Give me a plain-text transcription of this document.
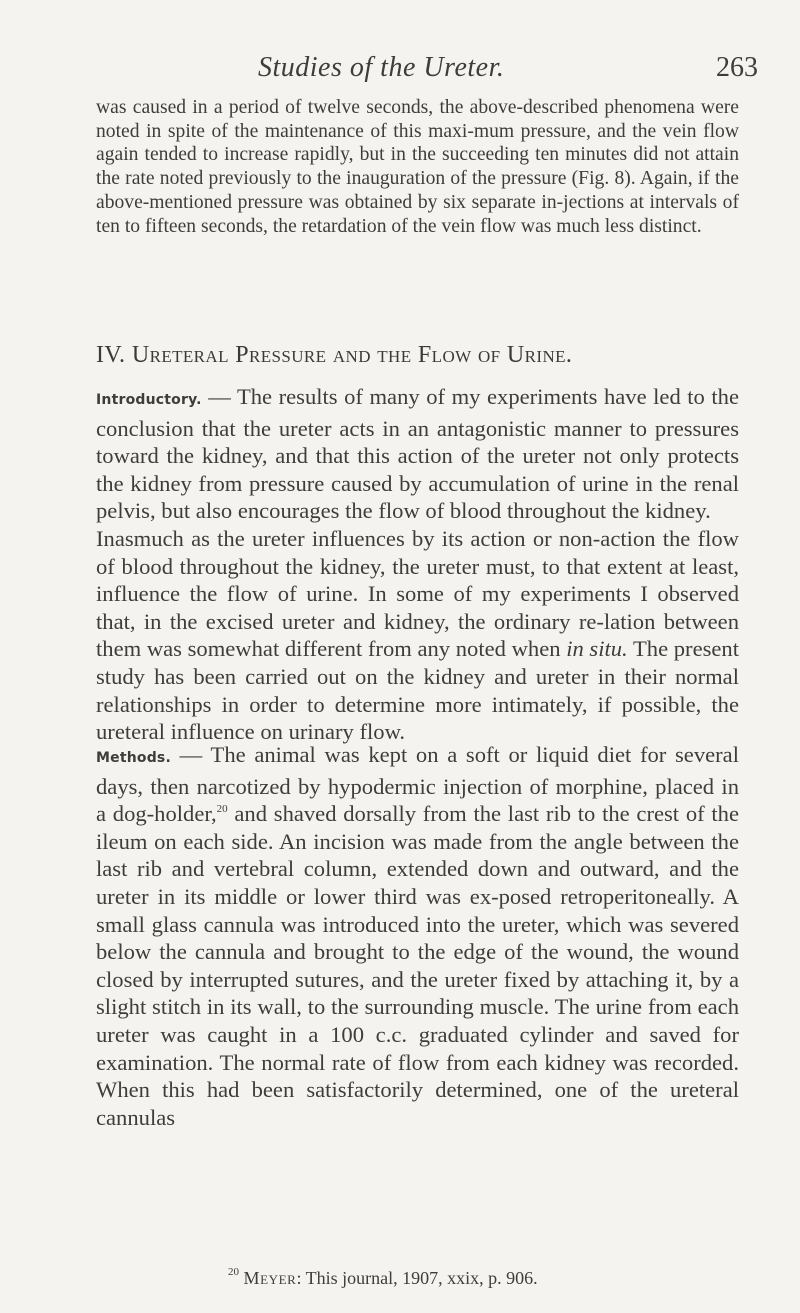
Studies of the Ureter.	263

was caused in a period of twelve seconds, the above-described phenomena were noted in spite of the maintenance of this maxi-mum pressure, and the vein flow again tended to increase rapidly, but in the succeeding ten minutes did not attain the rate noted previously to the inauguration of the pressure (Fig. 8). Again, if the above-mentioned pressure was obtained by six separate in-jections at intervals of ten to fifteen seconds, the retardation of the vein flow was much less distinct.

IV. Ureteral Pressure and the Flow of Urine.

Introductory. — The results of many of my experiments have led to the conclusion that the ureter acts in an antagonistic manner to pressures toward the kidney, and that this action of the ureter not only protects the kidney from pressure caused by accumulation of urine in the renal pelvis, but also encourages the flow of blood throughout the kidney.

Inasmuch as the ureter influences by its action or non-action the flow of blood throughout the kidney, the ureter must, to that extent at least, influence the flow of urine. In some of my experiments I observed that, in the excised ureter and kidney, the ordinary re-lation between them was somewhat different from any noted when in situ. The present study has been carried out on the kidney and ureter in their normal relationships in order to determine more intimately, if possible, the ureteral influence on urinary flow.

Methods. — The animal was kept on a soft or liquid diet for several days, then narcotized by hypodermic injection of morphine, placed in a dog-holder,$^{20}$ and shaved dorsally from the last rib to the crest of the ileum on each side. An incision was made from the angle between the last rib and vertebral column, extended down and outward, and the ureter in its middle or lower third was ex-posed retroperitoneally. A small glass cannula was introduced into the ureter, which was severed below the cannula and brought to the edge of the wound, the wound closed by interrupted sutures, and the ureter fixed by attaching it, by a slight stitch in its wall, to the surrounding muscle. The urine from each ureter was caught in a 100 c.c. graduated cylinder and saved for examination. The normal rate of flow from each kidney was recorded. When this had been satisfactorily determined, one of the ureteral cannulas

$^{20}$ Meyer: This journal, 1907, xxix, p. 906.
